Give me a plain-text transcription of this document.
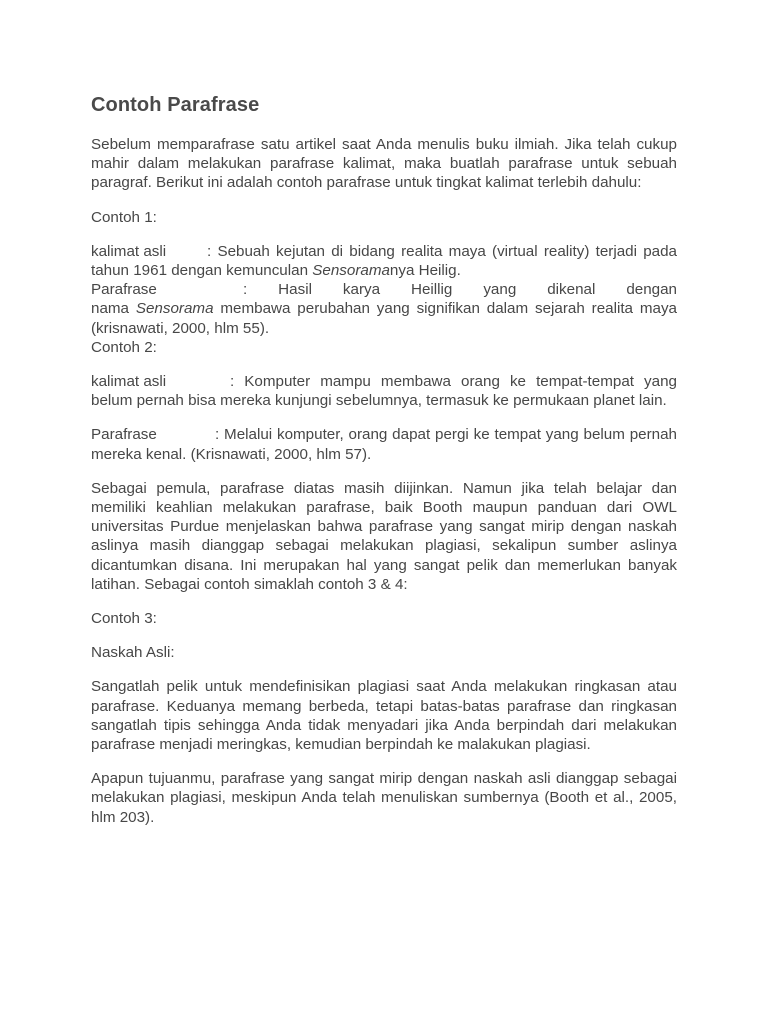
Contoh Parafrase

Sebelum memparafrase satu artikel saat Anda menulis buku ilmiah. Jika telah cukup mahir dalam melakukan parafrase kalimat, maka buatlah parafrase untuk sebuah paragraf. Berikut ini adalah contoh parafrase untuk tingkat kalimat terlebih dahulu:

Contoh 1:

kalimat asli	: Sebuah kejutan di bidang realita maya (virtual reality) terjadi pada tahun 1961 dengan kemunculan Sensoramanya Heilig.

Parafrase	: Hasil karya Heillig yang dikenal dengan

nama Sensorama membawa perubahan yang signifikan dalam sejarah realita maya (krisnawati, 2000, hlm 55).

Contoh 2:

kalimat asli	: Komputer mampu membawa orang ke tempat-tempat yang belum pernah bisa mereka kunjungi sebelumnya, termasuk ke permukaan planet lain.

Parafrase	: Melalui komputer, orang dapat pergi ke tempat yang belum pernah mereka kenal. (Krisnawati, 2000, hlm 57).

Sebagai pemula, parafrase diatas masih diijinkan. Namun jika telah belajar dan memiliki keahlian melakukan parafrase, baik Booth maupun panduan dari OWL universitas Purdue menjelaskan bahwa parafrase yang sangat mirip dengan naskah aslinya masih dianggap sebagai melakukan plagiasi, sekalipun sumber aslinya dicantumkan disana. Ini merupakan hal yang sangat pelik dan memerlukan banyak latihan. Sebagai contoh simaklah contoh 3 & 4:

Contoh 3:

Naskah Asli:

Sangatlah pelik untuk mendefinisikan plagiasi saat Anda melakukan ringkasan atau parafrase. Keduanya memang berbeda, tetapi batas-batas parafrase dan ringkasan sangatlah tipis sehingga Anda tidak menyadari jika Anda berpindah dari melakukan parafrase menjadi meringkas, kemudian berpindah ke malakukan plagiasi.

Apapun tujuanmu, parafrase yang sangat mirip dengan naskah asli dianggap sebagai melakukan plagiasi, meskipun Anda telah menuliskan sumbernya (Booth et al., 2005, hlm 203).
